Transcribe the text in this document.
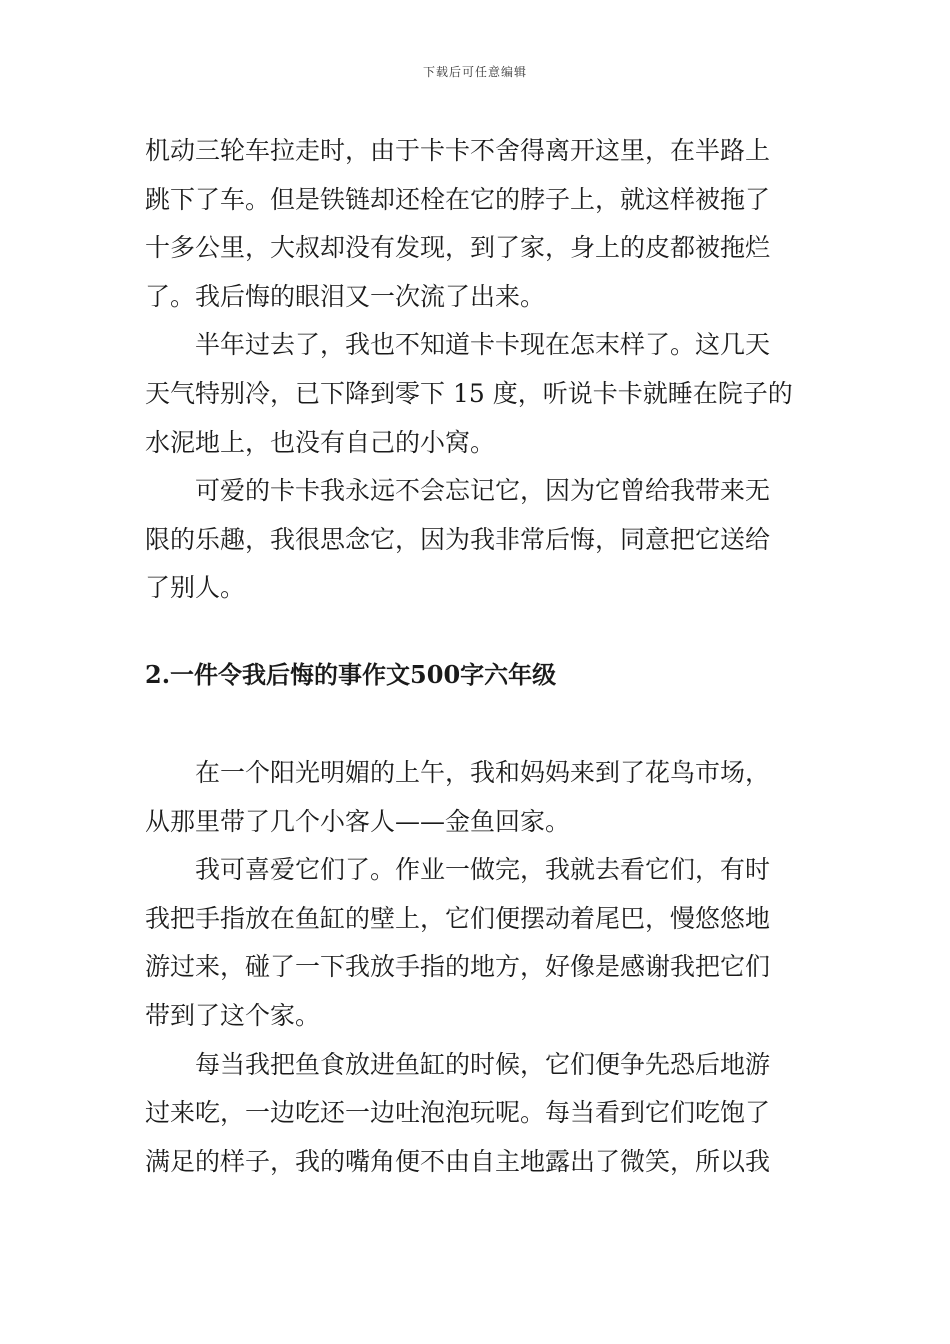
下载后可任意编辑

机动三轮车拉走时，由于卡卡不舍得离开这里，在半路上
跳下了车。但是铁链却还栓在它的脖子上，就这样被拖了
十多公里，大叔却没有发现，到了家，身上的皮都被拖烂
了。我后悔的眼泪又一次流了出来。

半年过去了，我也不知道卡卡现在怎末样了。这几天
天气特别冷，已下降到零下 15 度，听说卡卡就睡在院子的
水泥地上，也没有自己的小窝。

可爱的卡卡我永远不会忘记它，因为它曾给我带来无
限的乐趣，我很思念它，因为我非常后悔，同意把它送给
了别人。

2.一件令我后悔的事作文500字六年级

在一个阳光明媚的上午，我和妈妈来到了花鸟市场，
从那里带了几个小客人——金鱼回家。

我可喜爱它们了。作业一做完，我就去看它们，有时
我把手指放在鱼缸的壁上，它们便摆动着尾巴，慢悠悠地
游过来，碰了一下我放手指的地方，好像是感谢我把它们
带到了这个家。

每当我把鱼食放进鱼缸的时候，它们便争先恐后地游
过来吃，一边吃还一边吐泡泡玩呢。每当看到它们吃饱了
满足的样子，我的嘴角便不由自主地露出了微笑，所以我
